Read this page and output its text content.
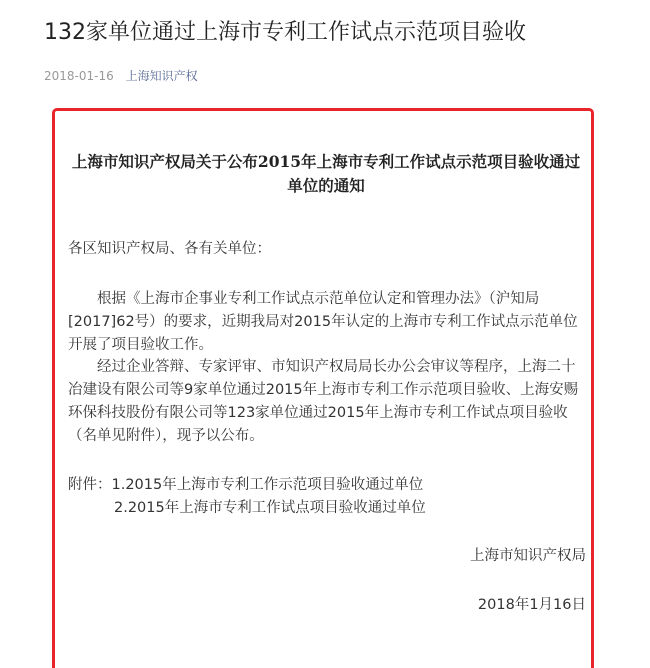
132家单位通过上海市专利工作试点示范项目验收
2018-01-16 上海知识产权
上海市知识产权局关于公布2015年上海市专利工作试点示范项目验收通过单位的通知

各区知识产权局、各有关单位：

根据《上海市企事业专利工作试点示范单位认定和管理办法》（沪知局[2017]62号）的要求，近期我局对2015年认定的上海市专利工作试点示范单位开展了项目验收工作。

经过企业答辩、专家评审、市知识产权局局长办公会审议等程序，上海二十冶建设有限公司等9家单位通过2015年上海市专利工作示范项目验收、上海安赐环保科技股份有限公司等123家单位通过2015年上海市专利工作试点项目验收（名单见附件），现予以公布。

附件：1.2015年上海市专利工作示范项目验收通过单位

2.2015年上海市专利工作试点项目验收通过单位

上海市知识产权局
2018年1月16日
